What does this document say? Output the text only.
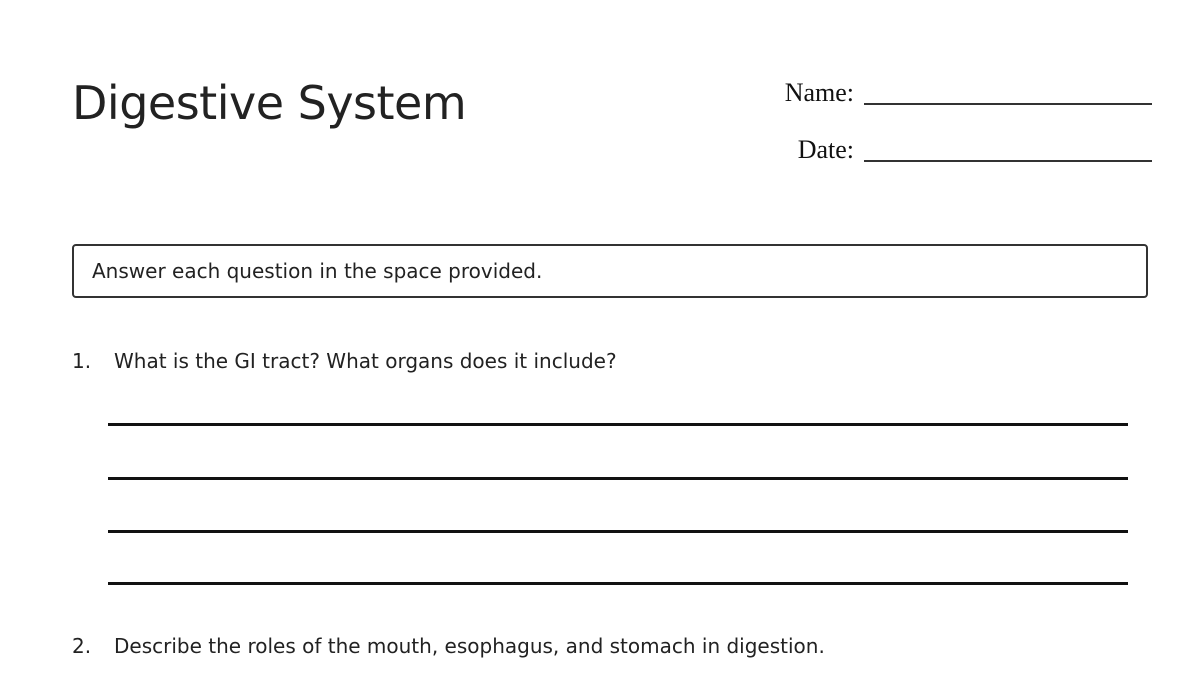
Digestive System	Name:
Date:
Answer each question in the space provided.
1.	What is the GI tract? What organs does it include?
2.	Describe the roles of the mouth, esophagus, and stomach in digestion.
